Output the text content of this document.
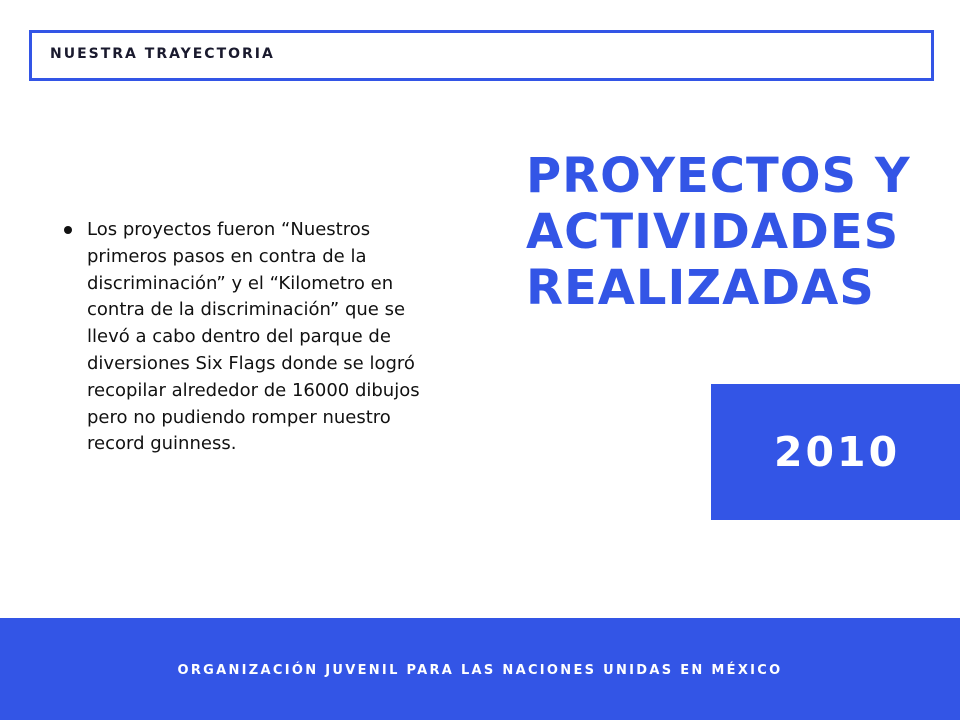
NUESTRA TRAYECTORIA
Los proyectos fueron “Nuestros primeros pasos en contra de la discriminación” y el “Kilometro en contra de la discriminación” que se llevó a cabo dentro del parque de diversiones Six Flags donde se logró recopilar alrededor de 16000 dibujos pero no pudiendo romper nuestro record guinness.
PROYECTOS Y
ACTIVIDADES
REALIZADAS
2010
ORGANIZACIÓN JUVENIL PARA LAS NACIONES UNIDAS EN MÉXICO
